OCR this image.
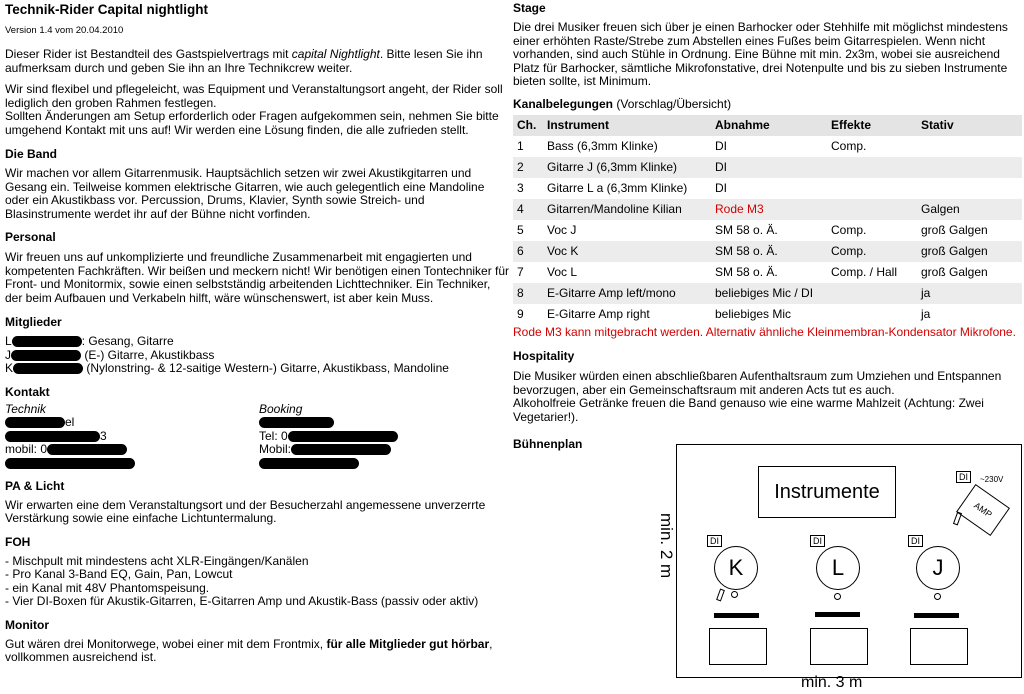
Technik-Rider Capital nightlight
Version 1.4 vom 20.04.2010

Dieser Rider ist Bestandteil des Gastspielvertrags mit capital Nightlight. Bitte lesen Sie ihn aufmerksam durch und geben Sie ihn an Ihre Technikcrew weiter.

Wir sind flexibel und pflegeleicht, was Equipment und Veranstaltungsort angeht, der Rider soll lediglich den groben Rahmen festlegen.

Sollten Änderungen am Setup erforderlich oder Fragen aufgekommen sein, nehmen Sie bitte umgehend Kontakt mit uns auf! Wir werden eine Lösung finden, die alle zufrieden stellt.

Die Band

Wir machen vor allem Gitarrenmusik. Hauptsächlich setzen wir zwei Akustikgitarren und Gesang ein. Teilweise kommen elektrische Gitarren, wie auch gelegentlich eine Mandoline oder ein Akustikbass vor. Percussion, Drums, Klavier, Synth sowie Streich- und Blasinstrumente werdet ihr auf der Bühne nicht vorfinden.

Personal

Wir freuen uns auf unkomplizierte und freundliche Zusammenarbeit mit engagierten und kompetenten Fachkräften. Wir beißen und meckern nicht! Wir benötigen einen Tontechniker für Front- und Monitormix, sowie einen selbstständig arbeitenden Lichttechniker. Ein Techniker, der beim Aufbauen und Verkabeln hilft, wäre wünschenswert, ist aber kein Muss.

Mitglieder

L	: Gesang, Gitarre

J	(E-) Gitarre, Akustikbass

K	(Nylonstring- & 12-saitige Western-) Gitarre, Akustikbass, Mandoline

Kontakt

Technik

el

3

mobil: 0

Booking

Tel: 0

Mobil:

PA & Licht

Wir erwarten eine dem Veranstaltungsort und der Besucherzahl angemessene unverzerrte Verstärkung sowie eine einfache Lichtuntermalung.

FOH

- Mischpult mit mindestens acht XLR-Eingängen/Kanälen

- Pro Kanal 3-Band EQ, Gain, Pan, Lowcut

- ein Kanal mit 48V Phantomspeisung.

- Vier DI-Boxen für Akustik-Gitarren, E-Gitarren Amp und Akustik-Bass (passiv oder aktiv)

Monitor

Gut wären drei Monitorwege, wobei einer mit dem Frontmix, für alle Mitglieder gut hörbar, vollkommen ausreichend ist.

Stage

Die drei Musiker freuen sich über je einen Barhocker oder Stehhilfe mit möglichst mindestens einer erhöhten Raste/Strebe zum Abstellen eines Fußes beim Gitarrespielen. Wenn nicht vorhanden, sind auch Stühle in Ordnung. Eine Bühne mit min. 2x3m, wobei sie ausreichend Platz für Barhocker, sämtliche Mikrofonstative, drei Notenpulte und bis zu sieben Instrumente bieten sollte, ist Minimum.

Kanalbelegungen (Vorschlag/Übersicht)
Ch.	Instrument	Abnahme	Effekte	Stativ
1	Bass (6,3mm Klinke)	DI	Comp.	
2	Gitarre J (6,3mm Klinke)	DI		
3	Gitarre L a (6,3mm Klinke)	DI		
4	Gitarren/Mandoline Kilian	Rode M3		Galgen
5	Voc J	SM 58 o. Ä.	Comp.	groß Galgen
6	Voc K	SM 58 o. Ä.	Comp.	groß Galgen
7	Voc L	SM 58 o. Ä.	Comp. / Hall	groß Galgen
8	E-Gitarre Amp left/mono	beliebiges Mic / DI		ja
9	E-Gitarre Amp right	beliebiges Mic		ja

Rode M3 kann mitgebracht werden. Alternativ ähnliche Kleinmembran-Kondensator Mikrofone.

Hospitality

Die Musiker würden einen abschließbaren Aufenthaltsraum zum Umziehen und Entspannen bevorzugen, aber ein Gemeinschaftsraum mit anderen Acts tut es auch.

Alkoholfreie Getränke freuen die Band genauso wie eine warme Mahlzeit (Achtung: Zwei Vegetarier!).

Bühnenplan
Instrumente
min. 2 m
min. 3 m
DI	~230V
AMP
DI
K
DI
L
DI
J
